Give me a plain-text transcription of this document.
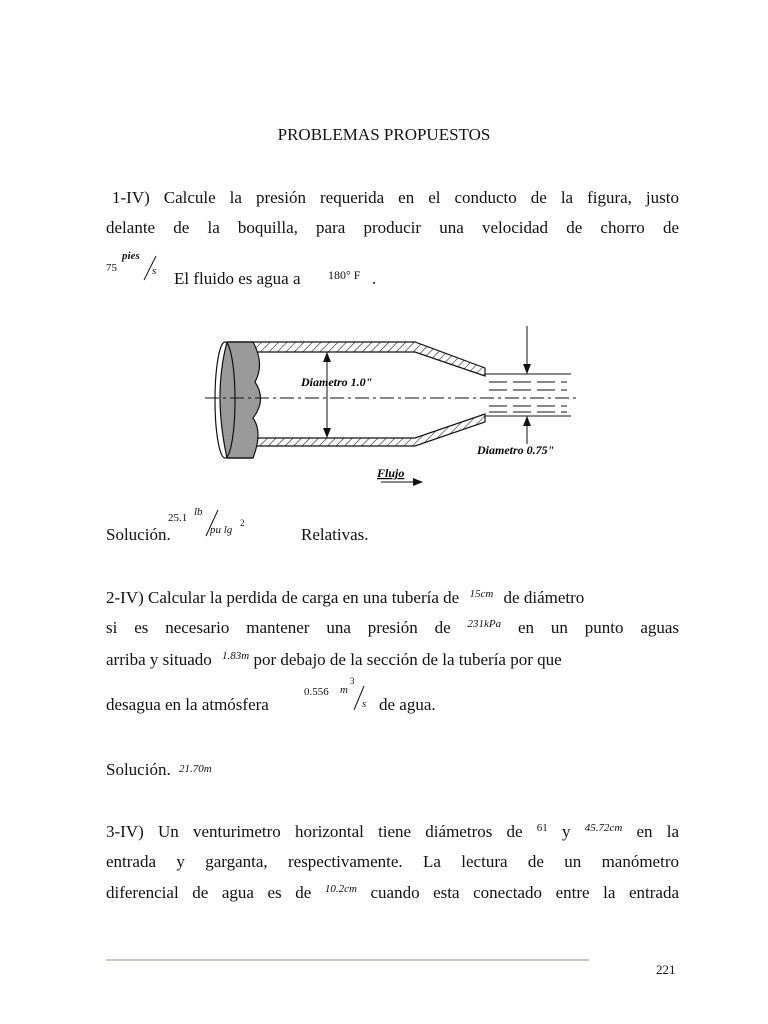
PROBLEMAS PROPUESTOS
1-IV) Calcule la presión requerida en el conducto de la figura, justo
delante de la boquilla, para producir una velocidad de chorro de
75
pies
s El fluido es agua a 180° F .
Diametro 1.0"
Diametro 0.75"
Flujo
Solución.
25.1 lb
pu lg
2
Relativas.
2-IV) Calcular la perdida de carga en una tubería de $^{15cm}$ de diámetro
si es necesario mantener una presión de $^{231kPa}$ en un punto aguas
arriba y situado $^{1.83m}$ por debajo de la sección de la tubería por que
desagua en la atmósfera
0.556 m
3
s de agua.
Solución. 21.70m
3-IV) Un venturimetro horizontal tiene diámetros de $^{61}$ y $^{45.72cm}$ en la
entrada y garganta, respectivamente. La lectura de un manómetro
diferencial de agua es de $^{10.2cm}$ cuando esta conectado entre la entrada
221
